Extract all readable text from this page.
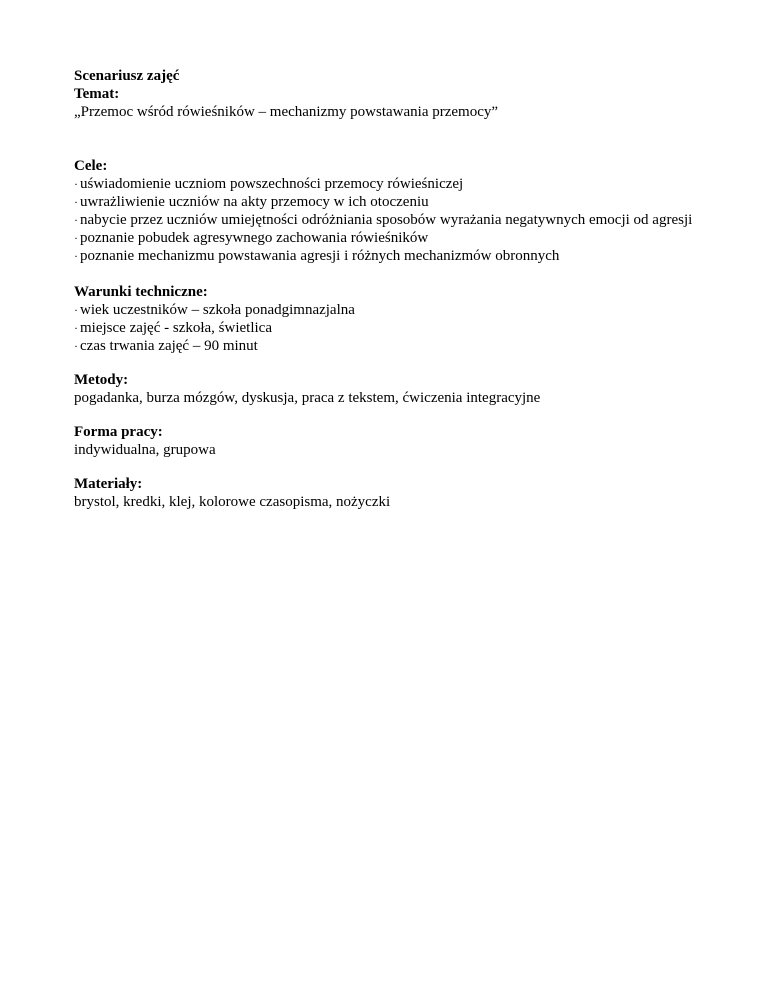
Scenariusz zajęć
Temat:
„Przemoc wśród rówieśników – mechanizmy powstawania przemocy”
Cele:
· uświadomienie uczniom powszechności przemocy rówieśniczej
· uwrażliwienie uczniów na akty przemocy w ich otoczeniu
· nabycie przez uczniów umiejętności odróżniania sposobów wyrażania negatywnych emocji od agresji
· poznanie pobudek agresywnego zachowania rówieśników
· poznanie mechanizmu powstawania agresji i różnych mechanizmów obronnych
Warunki techniczne:
· wiek uczestników – szkoła ponadgimnazjalna
· miejsce zajęć - szkoła, świetlica
· czas trwania zajęć – 90 minut
Metody:
pogadanka, burza mózgów, dyskusja, praca z tekstem, ćwiczenia integracyjne
Forma pracy:
indywidualna, grupowa
Materiały:
brystol, kredki, klej, kolorowe czasopisma, nożyczki
